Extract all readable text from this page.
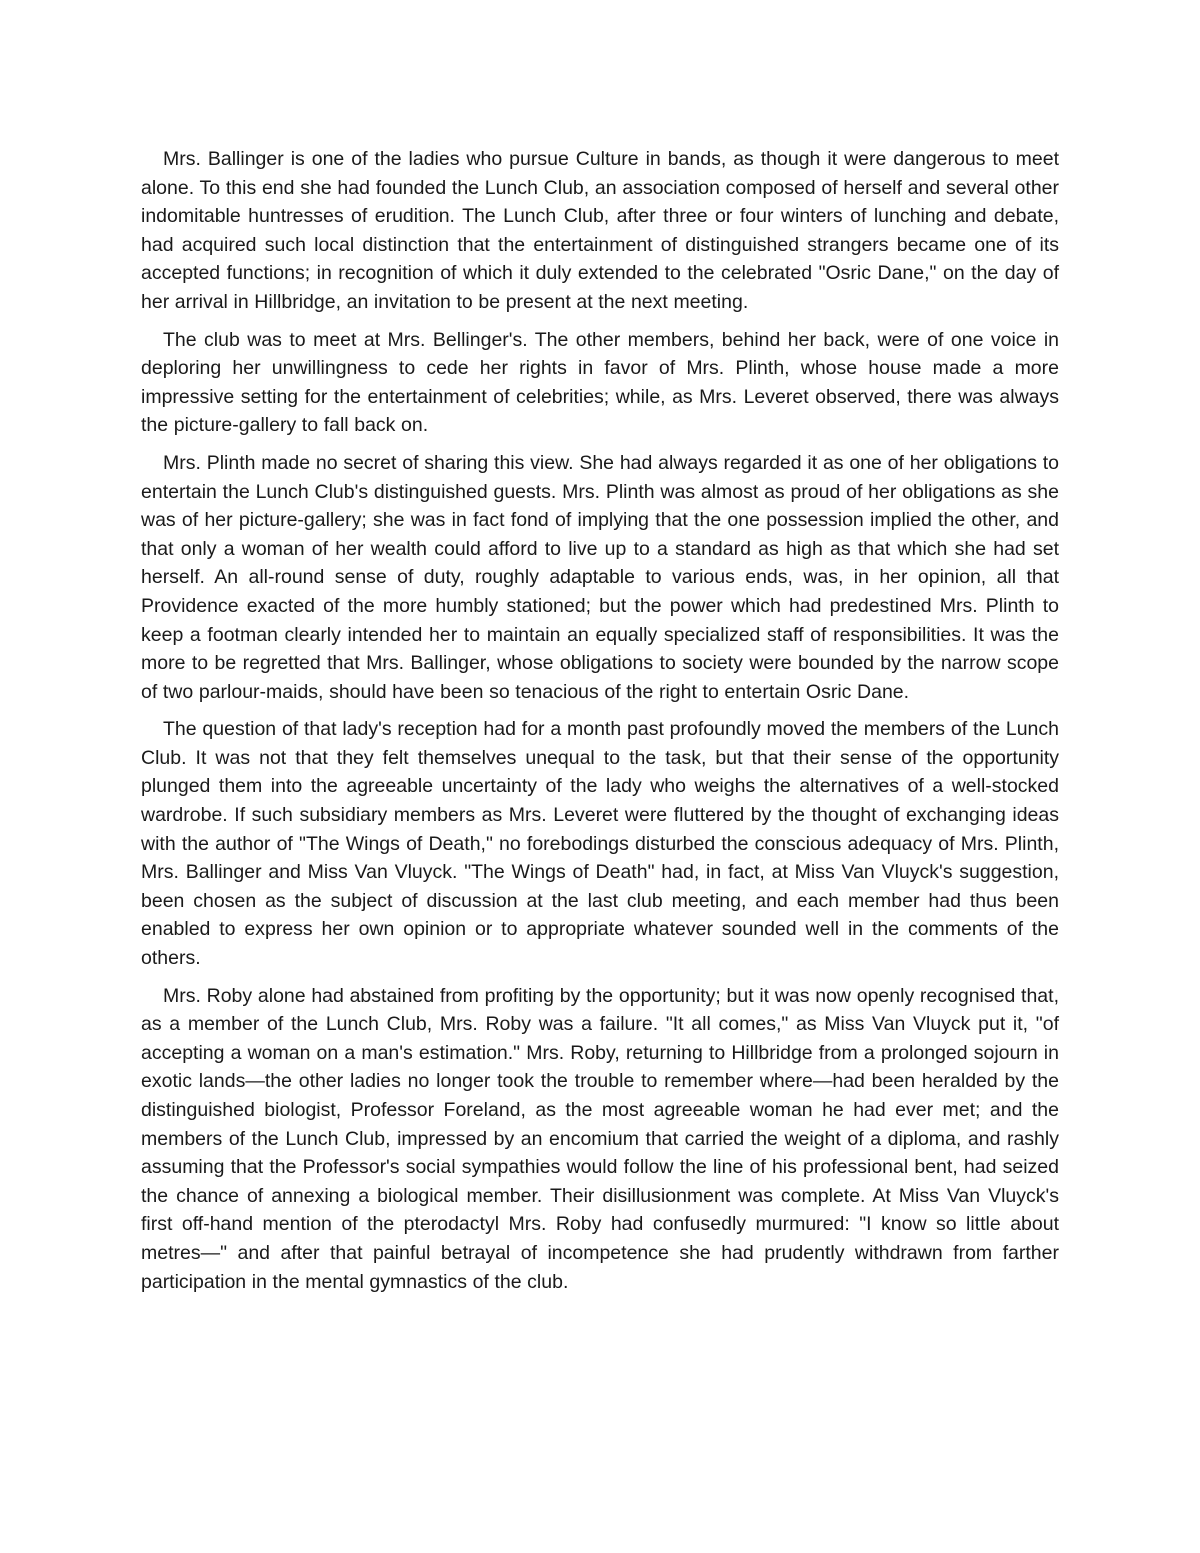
Mrs. Ballinger is one of the ladies who pursue Culture in bands, as though it were dangerous to meet alone. To this end she had founded the Lunch Club, an association composed of herself and several other indomitable huntresses of erudition. The Lunch Club, after three or four winters of lunching and debate, had acquired such local distinction that the entertainment of distinguished strangers became one of its accepted functions; in recognition of which it duly extended to the celebrated "Osric Dane," on the day of her arrival in Hillbridge, an invitation to be present at the next meeting.

The club was to meet at Mrs. Bellinger's. The other members, behind her back, were of one voice in deploring her unwillingness to cede her rights in favor of Mrs. Plinth, whose house made a more impressive setting for the entertainment of celebrities; while, as Mrs. Leveret observed, there was always the picture-gallery to fall back on.

Mrs. Plinth made no secret of sharing this view. She had always regarded it as one of her obligations to entertain the Lunch Club's distinguished guests. Mrs. Plinth was almost as proud of her obligations as she was of her picture-gallery; she was in fact fond of implying that the one possession implied the other, and that only a woman of her wealth could afford to live up to a standard as high as that which she had set herself. An all-round sense of duty, roughly adaptable to various ends, was, in her opinion, all that Providence exacted of the more humbly stationed; but the power which had predestined Mrs. Plinth to keep a footman clearly intended her to maintain an equally specialized staff of responsibilities. It was the more to be regretted that Mrs. Ballinger, whose obligations to society were bounded by the narrow scope of two parlour-maids, should have been so tenacious of the right to entertain Osric Dane.

The question of that lady's reception had for a month past profoundly moved the members of the Lunch Club. It was not that they felt themselves unequal to the task, but that their sense of the opportunity plunged them into the agreeable uncertainty of the lady who weighs the alternatives of a well-stocked wardrobe. If such subsidiary members as Mrs. Leveret were fluttered by the thought of exchanging ideas with the author of "The Wings of Death," no forebodings disturbed the conscious adequacy of Mrs. Plinth, Mrs. Ballinger and Miss Van Vluyck. "The Wings of Death" had, in fact, at Miss Van Vluyck's suggestion, been chosen as the subject of discussion at the last club meeting, and each member had thus been enabled to express her own opinion or to appropriate whatever sounded well in the comments of the others.

Mrs. Roby alone had abstained from profiting by the opportunity; but it was now openly recognised that, as a member of the Lunch Club, Mrs. Roby was a failure. "It all comes," as Miss Van Vluyck put it, "of accepting a woman on a man's estimation." Mrs. Roby, returning to Hillbridge from a prolonged sojourn in exotic lands—the other ladies no longer took the trouble to remember where—had been heralded by the distinguished biologist, Professor Foreland, as the most agreeable woman he had ever met; and the members of the Lunch Club, impressed by an encomium that carried the weight of a diploma, and rashly assuming that the Professor's social sympathies would follow the line of his professional bent, had seized the chance of annexing a biological member. Their disillusionment was complete. At Miss Van Vluyck's first off-hand mention of the pterodactyl Mrs. Roby had confusedly murmured: "I know so little about metres—" and after that painful betrayal of incompetence she had prudently withdrawn from farther participation in the mental gymnastics of the club.
